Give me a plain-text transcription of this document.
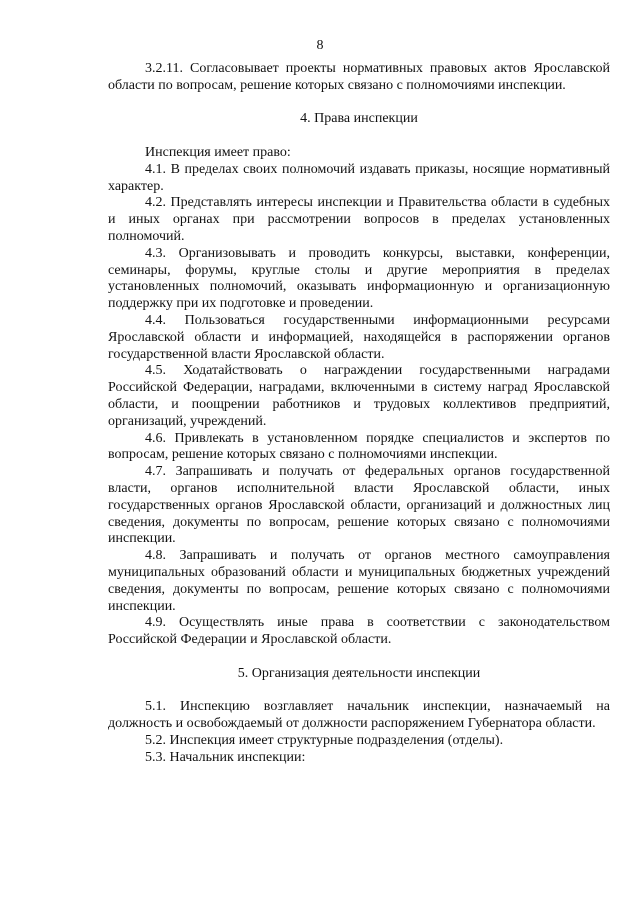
8

3.2.11. Согласовывает проекты нормативных правовых актов Ярославской области по вопросам, решение которых связано с полномочиями инспекции.

4. Права инспекции

Инспекция имеет право:

4.1. В пределах своих полномочий издавать приказы, носящие нормативный характер.

4.2. Представлять интересы инспекции и Правительства области в судебных и иных органах при рассмотрении вопросов в пределах установленных полномочий.

4.3. Организовывать и проводить конкурсы, выставки, конференции, семинары, форумы, круглые столы и другие мероприятия в пределах установленных полномочий, оказывать информационную и организационную поддержку при их подготовке и проведении.

4.4. Пользоваться государственными информационными ресурсами Ярославской области и информацией, находящейся в распоряжении органов государственной власти Ярославской области.

4.5. Ходатайствовать о награждении государственными наградами Российской Федерации, наградами, включенными в систему наград Ярославской области, и поощрении работников и трудовых коллективов предприятий, организаций, учреждений.

4.6. Привлекать в установленном порядке специалистов и экспертов по вопросам, решение которых связано с полномочиями инспекции.

4.7. Запрашивать и получать от федеральных органов государственной власти, органов исполнительной власти Ярославской области, иных государственных органов Ярославской области, организаций и должностных лиц сведения, документы по вопросам, решение которых связано с полномочиями инспекции.

4.8. Запрашивать и получать от органов местного самоуправления муниципальных образований области и муниципальных бюджетных учреждений сведения, документы по вопросам, решение которых связано с полномочиями инспекции.

4.9. Осуществлять иные права в соответствии с законодательством Российской Федерации и Ярославской области.

5. Организация деятельности инспекции

5.1. Инспекцию возглавляет начальник инспекции, назначаемый на должность и освобождаемый от должности распоряжением Губернатора области.

5.2. Инспекция имеет структурные подразделения (отделы).

5.3. Начальник инспекции:
